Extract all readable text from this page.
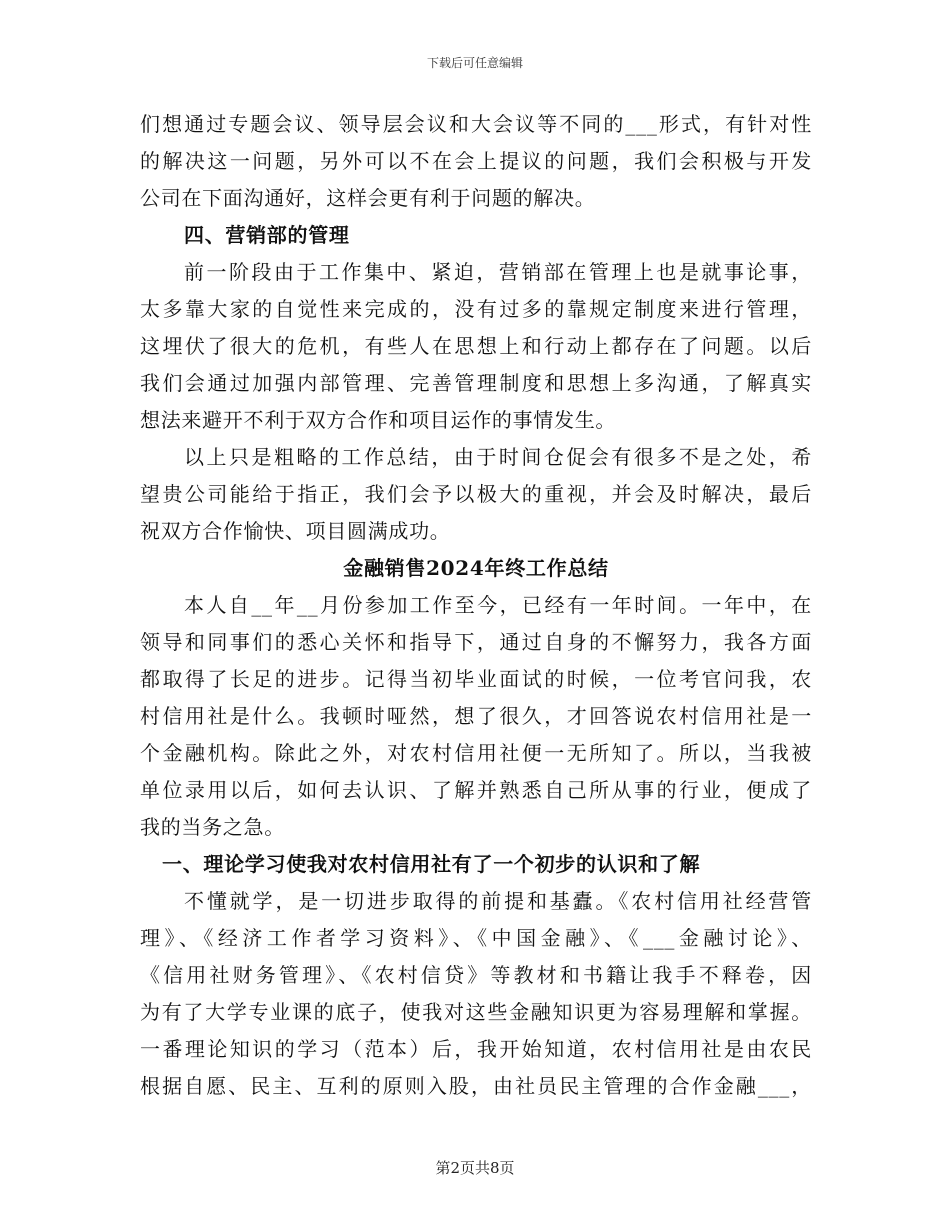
下载后可任意编辑
们想通过专题会议、领导层会议和大会议等不同的___形式，有针对性
的解决这一问题，另外可以不在会上提议的问题，我们会积极与开发
公司在下面沟通好，这样会更有利于问题的解决。
四、营销部的管理
前一阶段由于工作集中、紧迫，营销部在管理上也是就事论事，
太多靠大家的自觉性来完成的，没有过多的靠规定制度来进行管理，
这埋伏了很大的危机，有些人在思想上和行动上都存在了问题。以后
我们会通过加强内部管理、完善管理制度和思想上多沟通，了解真实
想法来避开不利于双方合作和项目运作的事情发生。
以上只是粗略的工作总结，由于时间仓促会有很多不是之处，希
望贵公司能给于指正，我们会予以极大的重视，并会及时解决，最后
祝双方合作愉快、项目圆满成功。
金融销售2024年终工作总结
本人自__年__月份参加工作至今，已经有一年时间。一年中，在
领导和同事们的悉心关怀和指导下，通过自身的不懈努力，我各方面
都取得了长足的进步。记得当初毕业面试的时候，一位考官问我，农
村信用社是什么。我顿时哑然，想了很久，才回答说农村信用社是一
个金融机构。除此之外，对农村信用社便一无所知了。所以，当我被
单位录用以后，如何去认识、了解并熟悉自己所从事的行业，便成了
我的当务之急。
一、理论学习使我对农村信用社有了一个初步的认识和了解
不懂就学，是一切进步取得的前提和基蠹。《农村信用社经营管
理》、《经济工作者学习资料》、《中国金融》、《___金融讨论》、
《信用社财务管理》、《农村信贷》等教材和书籍让我手不释卷，因
为有了大学专业课的底子，使我对这些金融知识更为容易理解和掌握。
一番理论知识的学习（范本）后，我开始知道，农村信用社是由农民
根据自愿、民主、互利的原则入股，由社员民主管理的合作金融___，
第2页共8页
